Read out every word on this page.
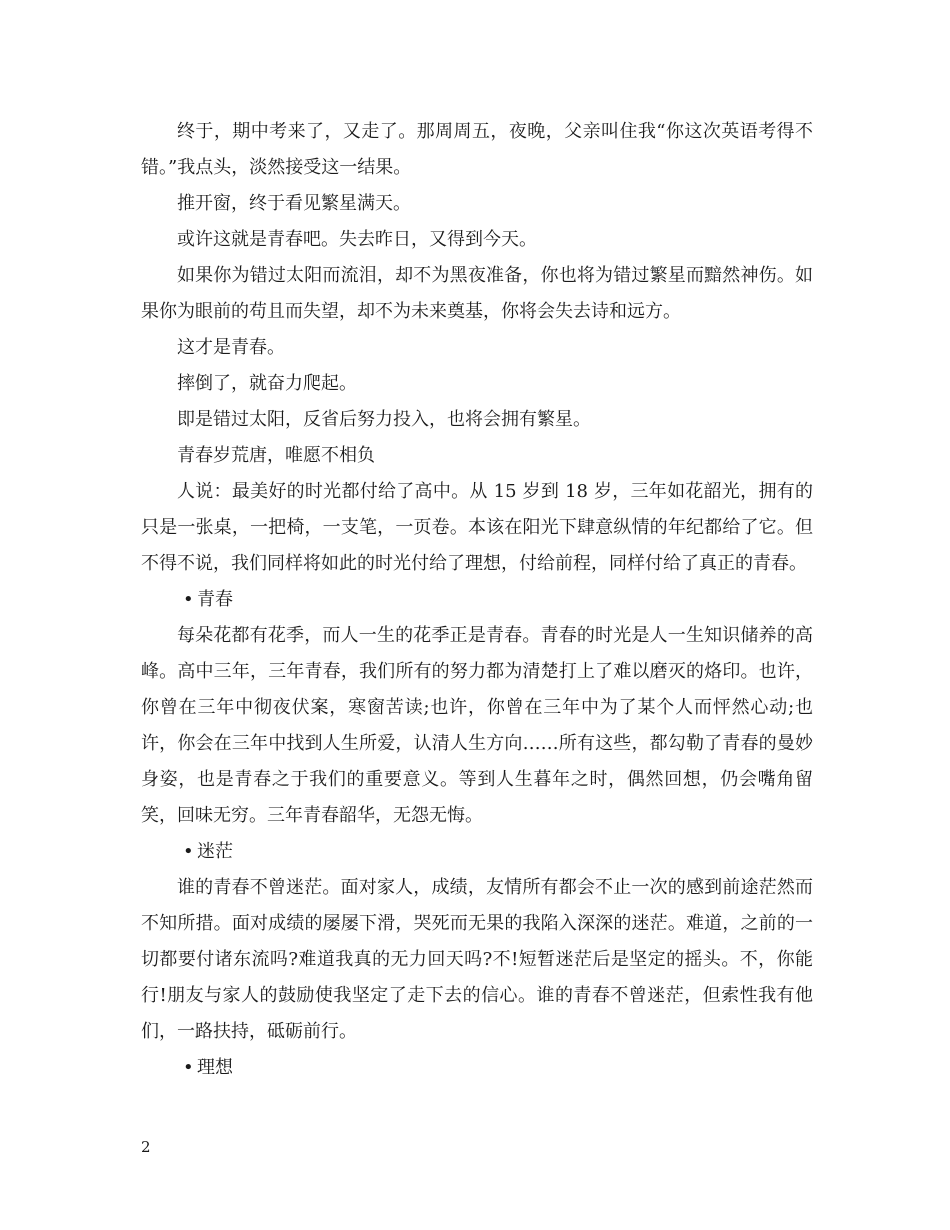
终于，期中考来了，又走了。那周周五，夜晚，父亲叫住我“你这次英语考得不错。”我点头，淡然接受这一结果。

推开窗，终于看见繁星满天。

或许这就是青春吧。失去昨日，又得到今天。

如果你为错过太阳而流泪，却不为黑夜准备，你也将为错过繁星而黯然神伤。如果你为眼前的苟且而失望，却不为未来奠基，你将会失去诗和远方。

这才是青春。

摔倒了，就奋力爬起。

即是错过太阳，反省后努力投入，也将会拥有繁星。

青春岁荒唐，唯愿不相负

人说：最美好的时光都付给了高中。从 15 岁到 18 岁，三年如花韶光，拥有的只是一张桌，一把椅，一支笔，一页卷。本该在阳光下肆意纵情的年纪都给了它。但不得不说，我们同样将如此的时光付给了理想，付给前程，同样付给了真正的青春。

• 青春

每朵花都有花季，而人一生的花季正是青春。青春的时光是人一生知识储养的高峰。高中三年，三年青春，我们所有的努力都为清楚打上了难以磨灭的烙印。也许，你曾在三年中彻夜伏案，寒窗苦读;也许，你曾在三年中为了某个人而怦然心动;也许，你会在三年中找到人生所爱，认清人生方向……所有这些，都勾勒了青春的曼妙身姿，也是青春之于我们的重要意义。等到人生暮年之时，偶然回想，仍会嘴角留笑，回味无穷。三年青春韶华，无怨无悔。

• 迷茫

谁的青春不曾迷茫。面对家人，成绩，友情所有都会不止一次的感到前途茫然而不知所措。面对成绩的屡屡下滑，哭死而无果的我陷入深深的迷茫。难道，之前的一切都要付诸东流吗?难道我真的无力回天吗?不!短暂迷茫后是坚定的摇头。不，你能行!朋友与家人的鼓励使我坚定了走下去的信心。谁的青春不曾迷茫，但索性我有他们，一路扶持，砥砺前行。

• 理想

2
